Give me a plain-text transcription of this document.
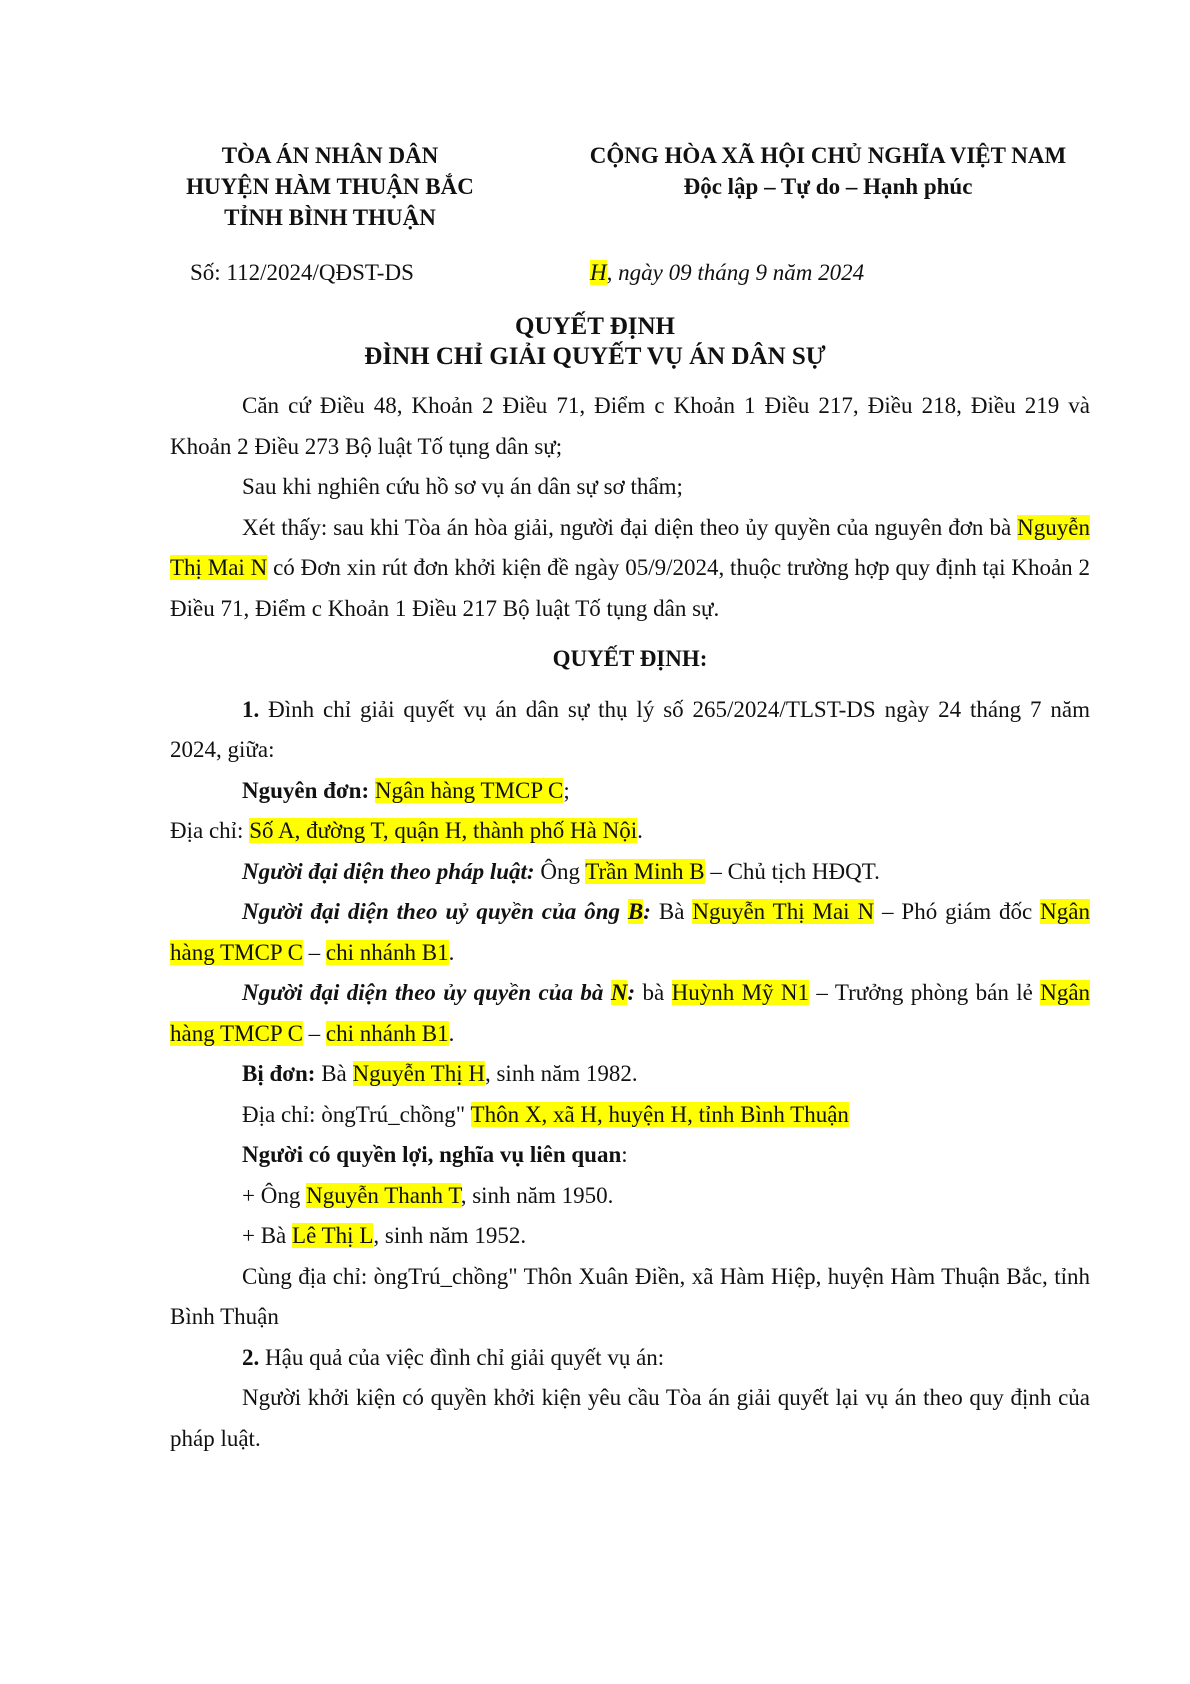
TÒA ÁN NHÂN DÂN
HUYỆN HÀM THUẬN BẮC
TỈNH BÌNH THUẬN
CỘNG HÒA XÃ HỘI CHỦ NGHĨA VIỆT NAM
Độc lập – Tự do – Hạnh phúc
Số: 112/2024/QĐST-DS	H, ngày 09 tháng 9 năm 2024
QUYẾT ĐỊNH
ĐÌNH CHỈ GIẢI QUYẾT VỤ ÁN DÂN SỰ

Căn cứ Điều 48, Khoản 2 Điều 71, Điểm c Khoản 1 Điều 217, Điều 218, Điều 219 và Khoản 2 Điều 273 Bộ luật Tố tụng dân sự;

Sau khi nghiên cứu hồ sơ vụ án dân sự sơ thẩm;

Xét thấy: sau khi Tòa án hòa giải, người đại diện theo ủy quyền của nguyên đơn bà Nguyễn Thị Mai N có Đơn xin rút đơn khởi kiện đề ngày 05/9/2024, thuộc trường hợp quy định tại Khoản 2 Điều 71, Điểm c Khoản 1 Điều 217 Bộ luật Tố tụng dân sự.

QUYẾT ĐỊNH:

1. Đình chỉ giải quyết vụ án dân sự thụ lý số 265/2024/TLST-DS ngày 24 tháng 7 năm 2024, giữa:

Nguyên đơn: Ngân hàng TMCP C;

Địa chỉ: Số A, đường T, quận H, thành phố Hà Nội.

Người đại diện theo pháp luật: Ông Trần Minh B – Chủ tịch HĐQT.

Người đại diện theo uỷ quyền của ông B: Bà Nguyễn Thị Mai N – Phó giám đốc Ngân hàng TMCP C – chi nhánh B1.

Người đại diện theo ủy quyền của bà N: bà Huỳnh Mỹ N1 – Trưởng phòng bán lẻ Ngân hàng TMCP C – chi nhánh B1.

Bị đơn: Bà Nguyễn Thị H, sinh năm 1982.

Địa chỉ: òngTrú_chồng" Thôn X, xã H, huyện H, tỉnh Bình Thuận

Người có quyền lợi, nghĩa vụ liên quan:

+ Ông Nguyễn Thanh T, sinh năm 1950.

+ Bà Lê Thị L, sinh năm 1952.

Cùng địa chỉ: òngTrú_chồng" Thôn Xuân Điền, xã Hàm Hiệp, huyện Hàm Thuận Bắc, tỉnh Bình Thuận

2. Hậu quả của việc đình chỉ giải quyết vụ án:

Người khởi kiện có quyền khởi kiện yêu cầu Tòa án giải quyết lại vụ án theo quy định của pháp luật.
